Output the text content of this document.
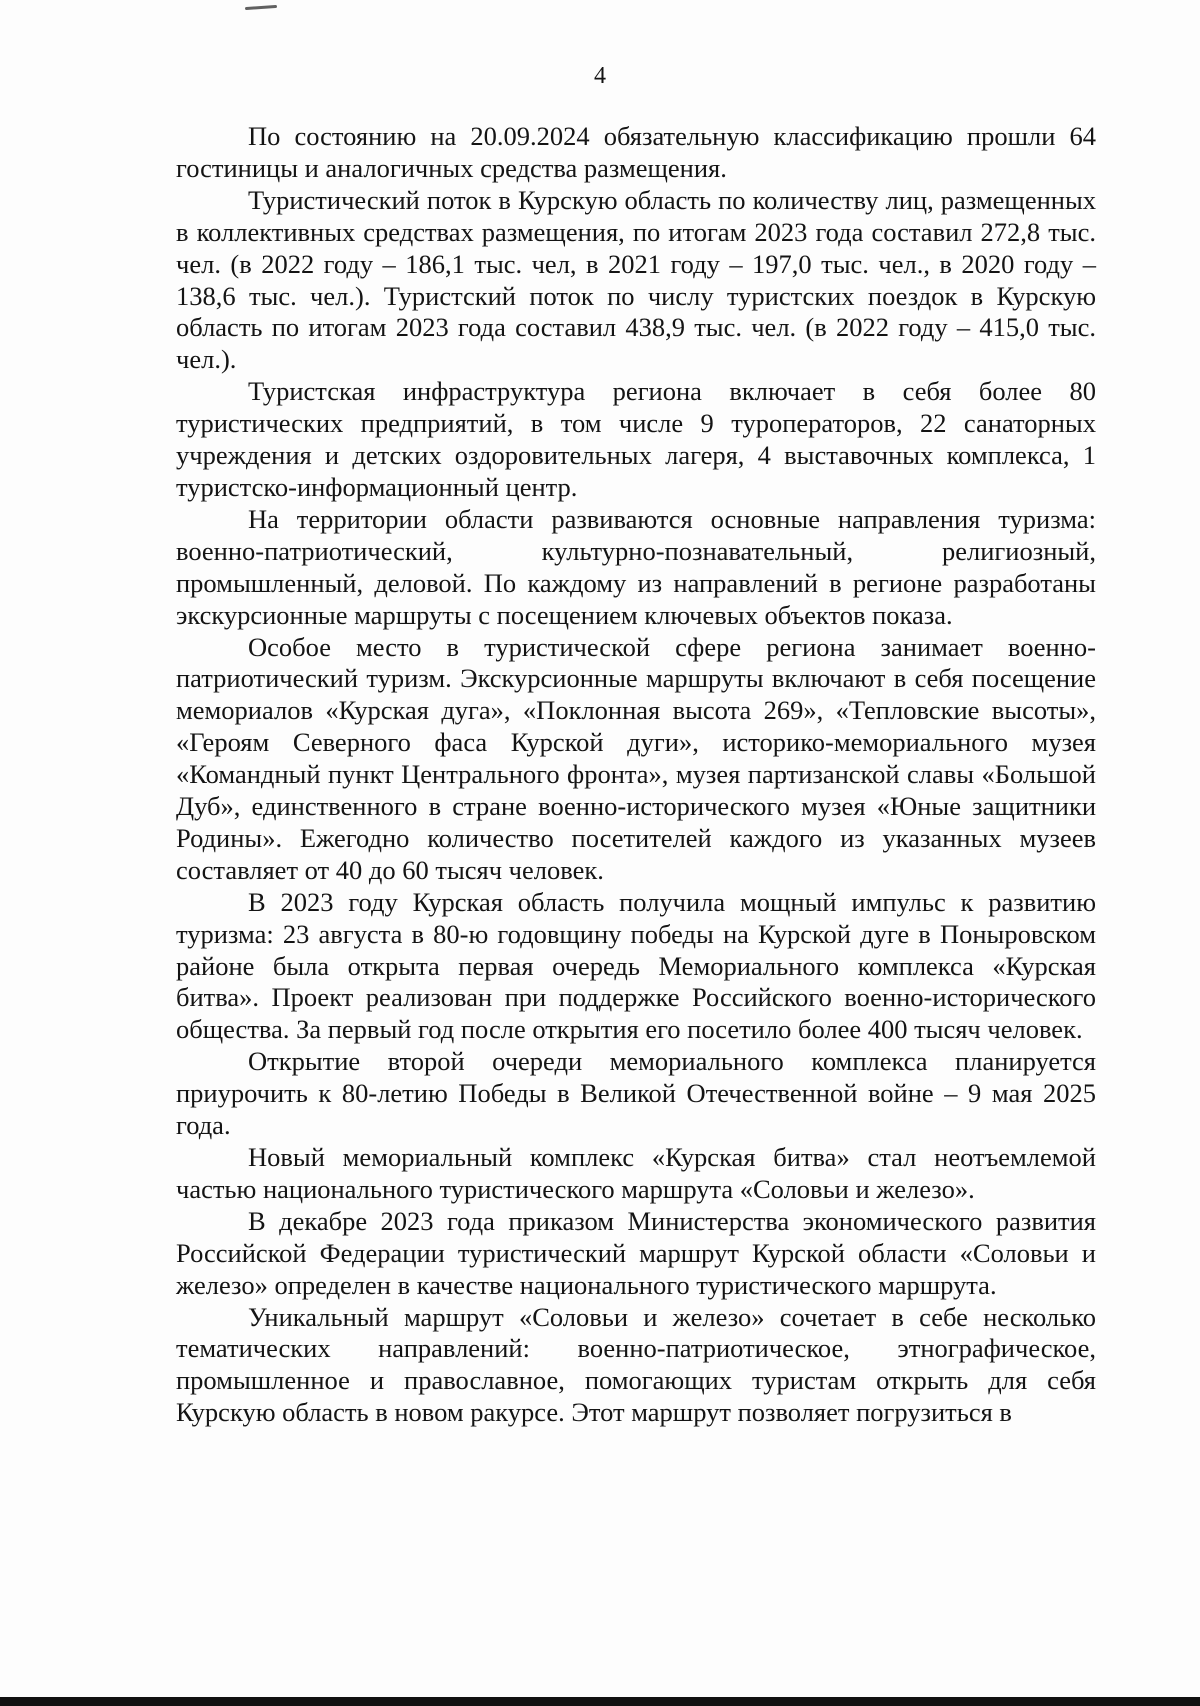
4

По состоянию на 20.09.2024 обязательную классификацию прошли 64 гостиницы и аналогичных средства размещения.

Туристический поток в Курскую область по количеству лиц, размещенных в коллективных средствах размещения, по итогам 2023 года составил 272,8 тыс. чел. (в 2022 году – 186,1 тыс. чел, в 2021 году – 197,0 тыс. чел., в 2020 году – 138,6 тыс. чел.). Туристский поток по числу туристских поездок в Курскую область по итогам 2023 года составил 438,9 тыс. чел. (в 2022 году – 415,0 тыс. чел.).

Туристская инфраструктура региона включает в себя более 80 туристических предприятий, в том числе 9 туроператоров, 22 санаторных учреждения и детских оздоровительных лагеря, 4 выставочных комплекса, 1 туристско-информационный центр.

На территории области развиваются основные направления туризма: военно-патриотический, культурно-познавательный, религиозный, промышленный, деловой. По каждому из направлений в регионе разработаны экскурсионные маршруты с посещением ключевых объектов показа.

Особое место в туристической сфере региона занимает военно-патриотический туризм. Экскурсионные маршруты включают в себя посещение мемориалов «Курская дуга», «Поклонная высота 269», «Тепловские высоты», «Героям Северного фаса Курской дуги», историко-мемориального музея «Командный пункт Центрального фронта», музея партизанской славы «Большой Дуб», единственного в стране военно-исторического музея «Юные защитники Родины». Ежегодно количество посетителей каждого из указанных музеев составляет от 40 до 60 тысяч человек.

В 2023 году Курская область получила мощный импульс к развитию туризма: 23 августа в 80-ю годовщину победы на Курской дуге в Поныровском районе была открыта первая очередь Мемориального комплекса «Курская битва». Проект реализован при поддержке Российского военно-исторического общества. За первый год после открытия его посетило более 400 тысяч человек.

Открытие второй очереди мемориального комплекса планируется приурочить к 80-летию Победы в Великой Отечественной войне – 9 мая 2025 года.

Новый мемориальный комплекс «Курская битва» стал неотъемлемой частью национального туристического маршрута «Соловьи и железо».

В декабре 2023 года приказом Министерства экономического развития Российской Федерации туристический маршрут Курской области «Соловьи и железо» определен в качестве национального туристического маршрута.

Уникальный маршрут «Соловьи и железо» сочетает в себе несколько тематических направлений: военно-патриотическое, этнографическое, промышленное и православное, помогающих туристам открыть для себя Курскую область в новом ракурсе. Этот маршрут позволяет погрузиться в
